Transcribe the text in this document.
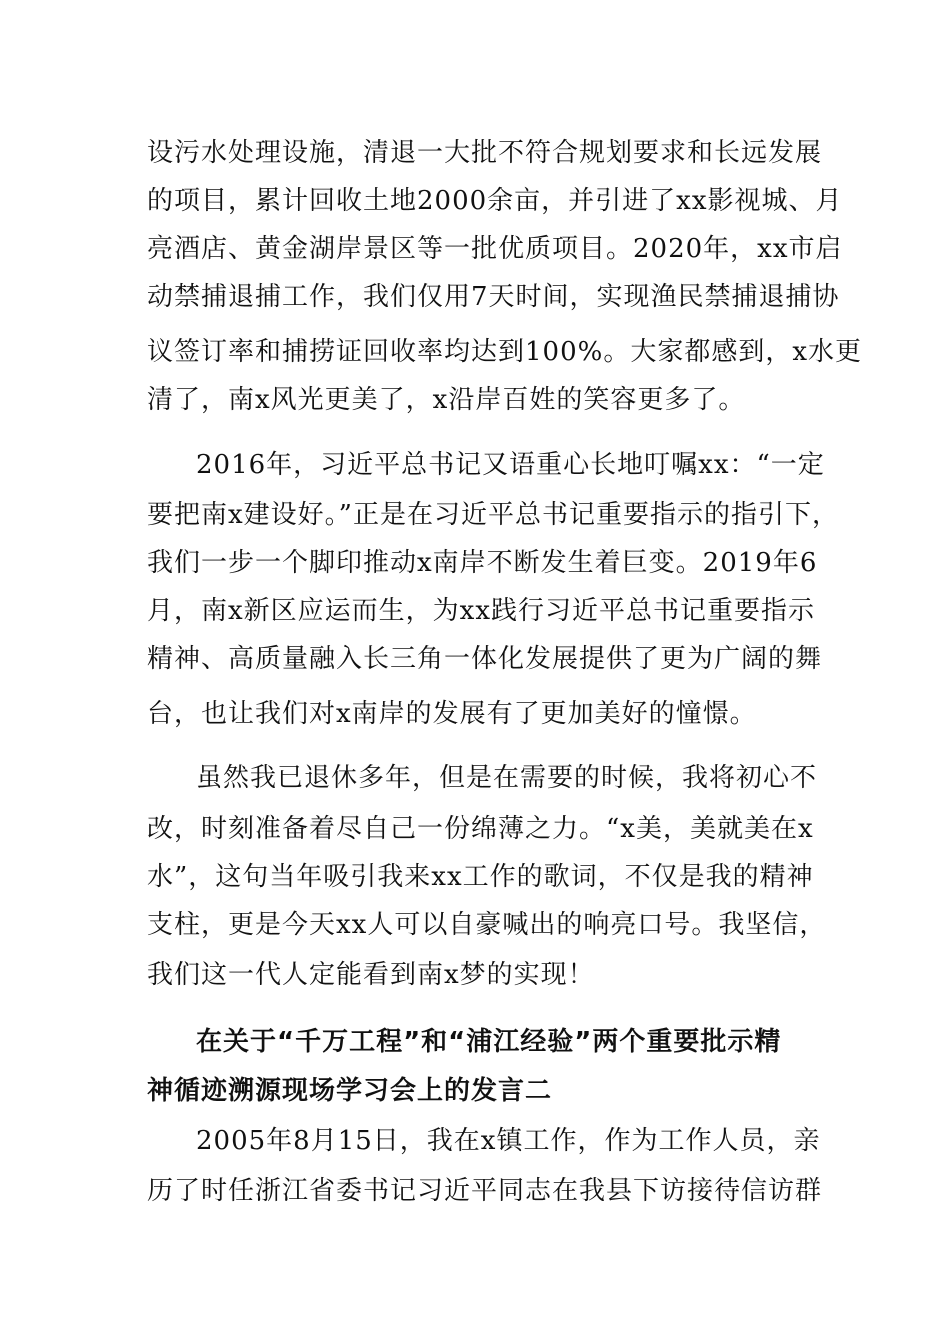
设污水处理设施，清退一大批不符合规划要求和长远发展
的项目，累计回收土地2000余亩，并引进了xx影视城、月
亮酒店、黄金湖岸景区等一批优质项目。2020年，xx市启
动禁捕退捕工作，我们仅用7天时间，实现渔民禁捕退捕协
议签订率和捕捞证回收率均达到100%。大家都感到，x水更
清了，南x风光更美了，x沿岸百姓的笑容更多了。
2016年，习近平总书记又语重心长地叮嘱xx：“一定
要把南x建设好。”正是在习近平总书记重要指示的指引下，
我们一步一个脚印推动x南岸不断发生着巨变。2019年6
月，南x新区应运而生，为xx践行习近平总书记重要指示
精神、高质量融入长三角一体化发展提供了更为广阔的舞
台，也让我们对x南岸的发展有了更加美好的憧憬。
虽然我已退休多年，但是在需要的时候，我将初心不
改，时刻准备着尽自己一份绵薄之力。“x美，美就美在x
水”，这句当年吸引我来xx工作的歌词，不仅是我的精神
支柱，更是今天xx人可以自豪喊出的响亮口号。我坚信，
我们这一代人定能看到南x梦的实现！
在关于“千万工程”和“浦江经验”两个重要批示精
神循迹溯源现场学习会上的发言二
2005年8月15日，我在x镇工作，作为工作人员，亲
历了时任浙江省委书记习近平同志在我县下访接待信访群
